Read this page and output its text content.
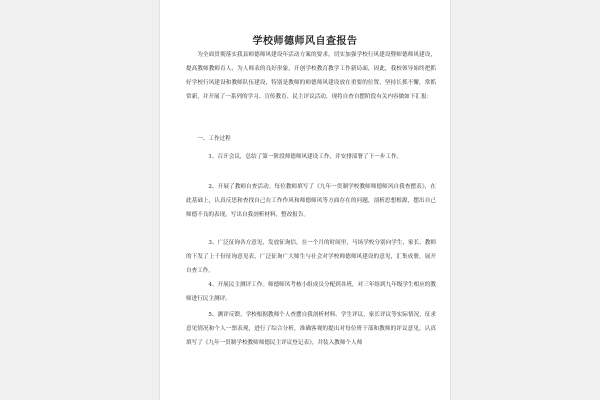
学校师德师风自查报告
为全面贯彻落实我县师德师风建设年活动方案的要求，切实加强学校行风建设暨师德师风建设，提高教师教师育人、为人师表的良好形象，开创学校教育教学工作新局面，因此，我校领导始终把抓好学校行风建设和教师队伍建设，特别是教师的师德师风建设放在重要的位置，坚持长抓不懈，常抓常新，并开展了一系列的学习、宣传教育、民主评议活动，现将自查自摆阶段有关内容做如下汇报：
一、工作过程
1、召开会议，总结了第一阶段师德师风建设工作，并安排部署了下一步工作。
2、开展了教师自查活动。每位教师填写了《九年一贯制学校教师师德师风自我查摆表》，在此基础上，认真反思和查找自己在工作作风和师德师风等方面存在的问题，剖析思想根源，摆出自己师德不良的表现，写出自我剖析材料，整改报告。
3、广泛征询各方意见，发放征询信。在一个月的时间里，马场学校分别向学生、家长、教师的下发了上千份征询意见表，广泛征询广大师生与社会对学校师德师风建设的意见，汇集成册，展开自查工作。
4、开展民主测评工作。师德师风考核小组成员分配到各班，对三年组到九年级学生相应的教师进行民主测评。
5、测评反馈。学校根据教师个人查摆自我剖析材料、学生评议、家长评议等实际情况，征求意见情况和个人一票表现，进行了综合分析，准确客观的提出对每位班干部和教师的评议意见，认真填写了《九年一贯制学校教师师德民主评议登记表》，并装入教师个人师
